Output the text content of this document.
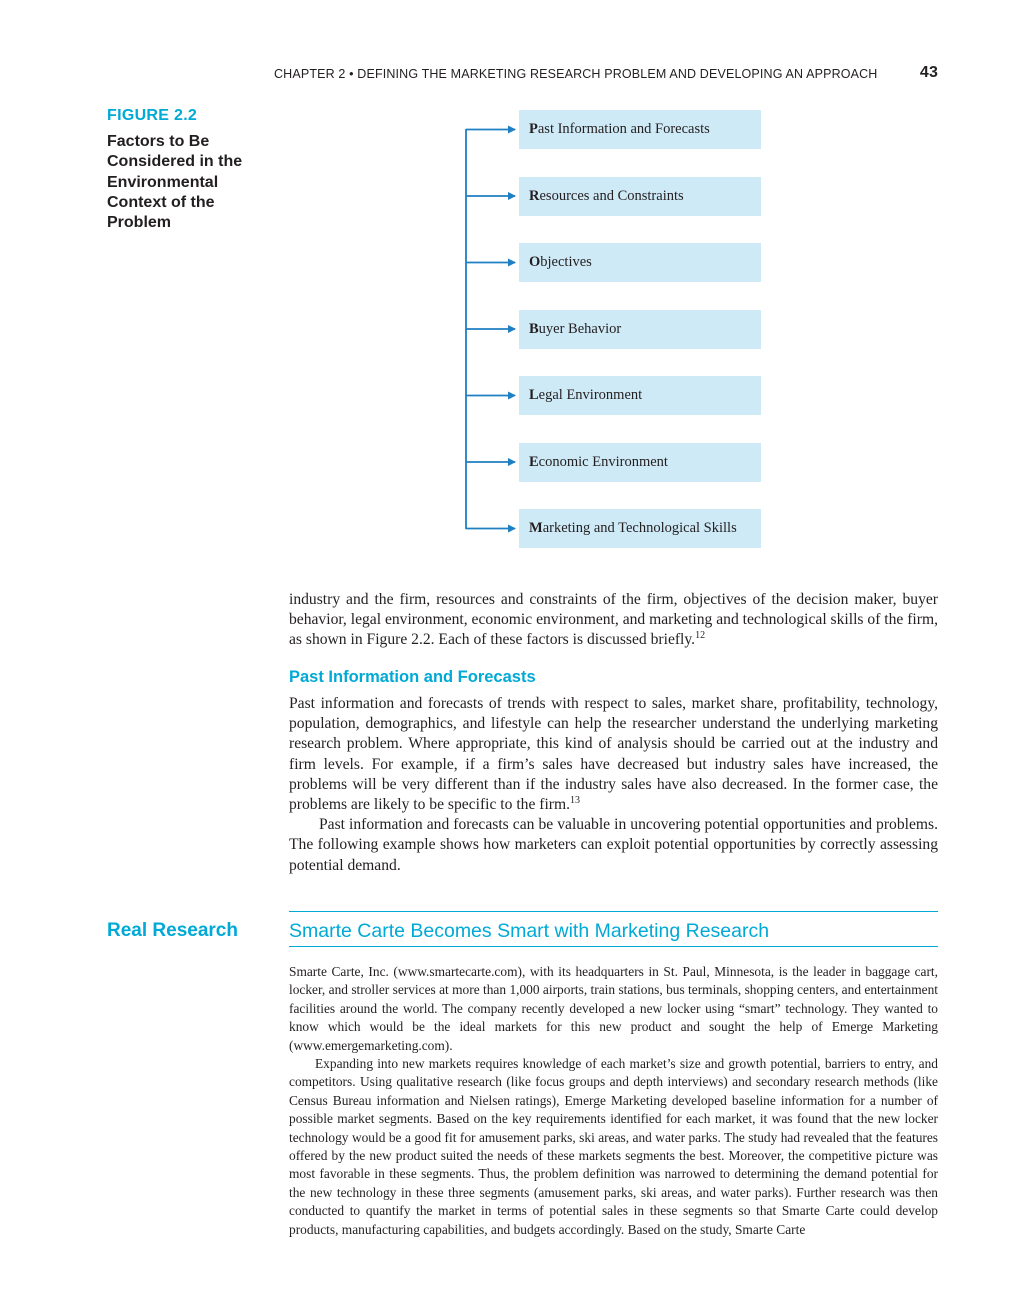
CHAPTER 2 • DEFINING THE MARKETING RESEARCH PROBLEM AND DEVELOPING AN APPROACH	43
FIGURE 2.2
Factors to Be Considered in the Environmental Context of the Problem
Past Information and Forecasts
Resources and Constraints
Objectives
Buyer Behavior
Legal Environment
Economic Environment
Marketing and Technological Skills

industry and the firm, resources and constraints of the firm, objectives of the decision maker, buyer behavior, legal environment, economic environment, and marketing and technological skills of the firm, as shown in Figure 2.2. Each of these factors is discussed briefly.$^{12}$

Past Information and Forecasts

Past information and forecasts of trends with respect to sales, market share, profitability, technology, population, demographics, and lifestyle can help the researcher understand the underlying marketing research problem. Where appropriate, this kind of analysis should be carried out at the industry and firm levels. For example, if a firm’s sales have decreased but industry sales have increased, the problems will be very different than if the industry sales have also decreased. In the former case, the problems are likely to be specific to the firm.$^{13}$

Past information and forecasts can be valuable in uncovering potential opportunities and problems. The following example shows how marketers can exploit potential opportunities by correctly assessing potential demand.

Real Research	Smarte Carte Becomes Smart with Marketing Research

Smarte Carte, Inc. (www.smartecarte.com), with its headquarters in St. Paul, Minnesota, is the leader in baggage cart, locker, and stroller services at more than 1,000 airports, train stations, bus terminals, shopping centers, and entertainment facilities around the world. The company recently developed a new locker using “smart” technology. They wanted to know which would be the ideal markets for this new product and sought the help of Emerge Marketing (www.emergemarketing.com).

Expanding into new markets requires knowledge of each market’s size and growth potential, barriers to entry, and competitors. Using qualitative research (like focus groups and depth interviews) and secondary research methods (like Census Bureau information and Nielsen ratings), Emerge Marketing developed baseline information for a number of possible market segments. Based on the key requirements identified for each market, it was found that the new locker technology would be a good fit for amusement parks, ski areas, and water parks. The study had revealed that the features offered by the new product suited the needs of these markets segments the best. Moreover, the competitive picture was most favorable in these segments. Thus, the problem definition was narrowed to determining the demand potential for the new technology in these three segments (amusement parks, ski areas, and water parks). Further research was then conducted to quantify the market in terms of potential sales in these segments so that Smarte Carte could develop products, manufacturing capabilities, and budgets accordingly. Based on the study, Smarte Carte
